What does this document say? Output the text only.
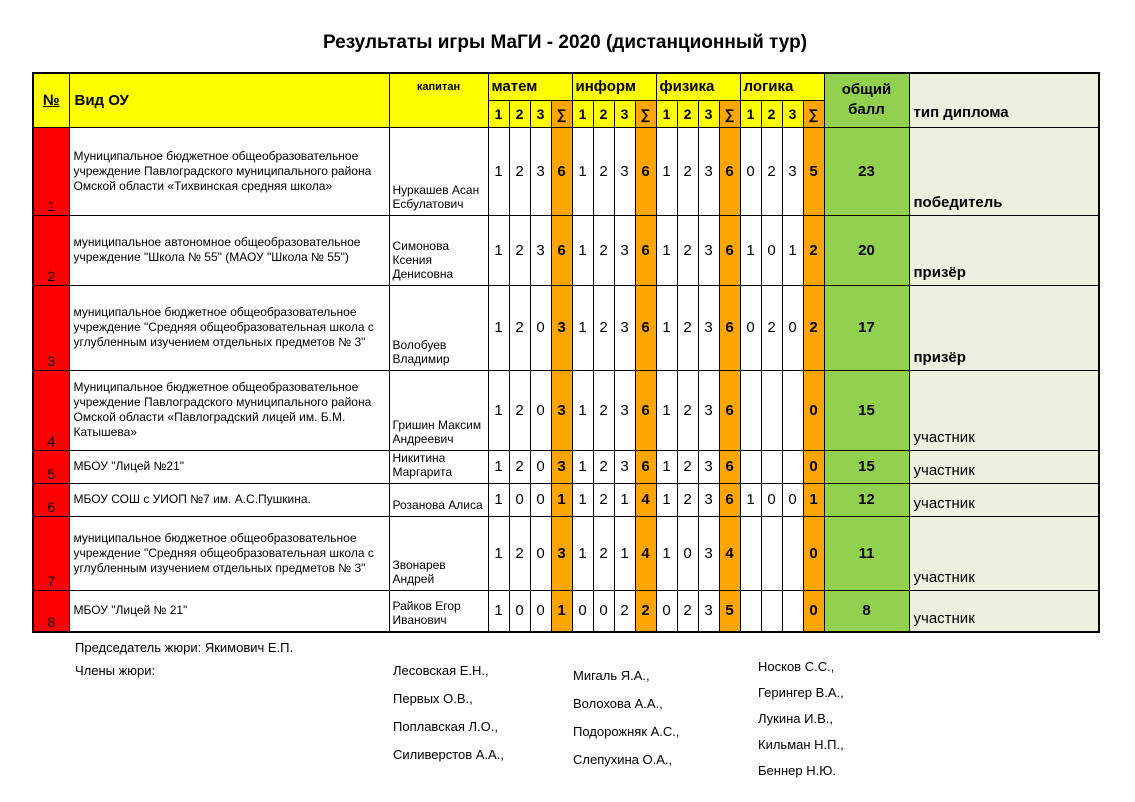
Результаты игры МаГИ - 2020 (дистанционный тур)
№	Вид ОУ	капитан	матем				информ				физика				логика				общий балл	тип диплома
			1	2	3	∑	1	2	3	∑	1	2	3	∑	1	2	3	∑		
1	Муниципальное бюджетное общеобразовательное учреждение Павлоградского муниципального района Омской области «Тихвинская средняя школа»	Нуркашев Асан Есбулатович	1	2	3	6	1	2	3	6	1	2	3	6	0	2	3	5	23	победитель
2	муниципальное автономное общеобразовательное учреждение "Школа № 55" (МАОУ "Школа № 55")	Симонова Ксения Денисовна	1	2	3	6	1	2	3	6	1	2	3	6	1	0	1	2	20	призёр
3	муниципальное бюджетное общеобразовательное учреждение "Средняя общеобразовательная школа с углубленным изучением отдельных предметов № 3"	Волобуев Владимир	1	2	0	3	1	2	3	6	1	2	3	6	0	2	0	2	17	призёр
4	Муниципальное бюджетное общеобразовательное учреждение Павлоградского муниципального района Омской области «Павлоградский лицей им. Б.М. Катышева»	Гришин Максим Андреевич	1	2	0	3	1	2	3	6	1	2	3	6				0	15	участник
5	МБОУ "Лицей №21"	Никитина Маргарита	1	2	0	3	1	2	3	6	1	2	3	6				0	15	участник
6	МБОУ СОШ с УИОП №7 им. А.С.Пушкина.	Розанова Алиса	1	0	0	1	1	2	1	4	1	2	3	6	1	0	0	1	12	участник
7	муниципальное бюджетное общеобразовательное учреждение "Средняя общеобразовательная школа с углубленным изучением отдельных предметов № 3"	Звонарев Андрей	1	2	0	3	1	2	1	4	1	0	3	4				0	11	участник
8	МБОУ "Лицей № 21"	Райков Егор Иванович	1	0	0	1	0	0	2	2	0	2	3	5				0	8	участник
Председатель жюри: Якимович Е.П.
Члены жюри:	Лесовская Е.Н.,
Первых О.В.,
Поплавская Л.О.,
Силиверстов А.А.,
Мигаль Я.А.,
Волохова А.А.,
Подорожняк А.С.,
Слепухина О.А.,
Носков С.С.,
Герингер В.А.,
Лукина И.В.,
Кильман Н.П.,
Беннер Н.Ю.
